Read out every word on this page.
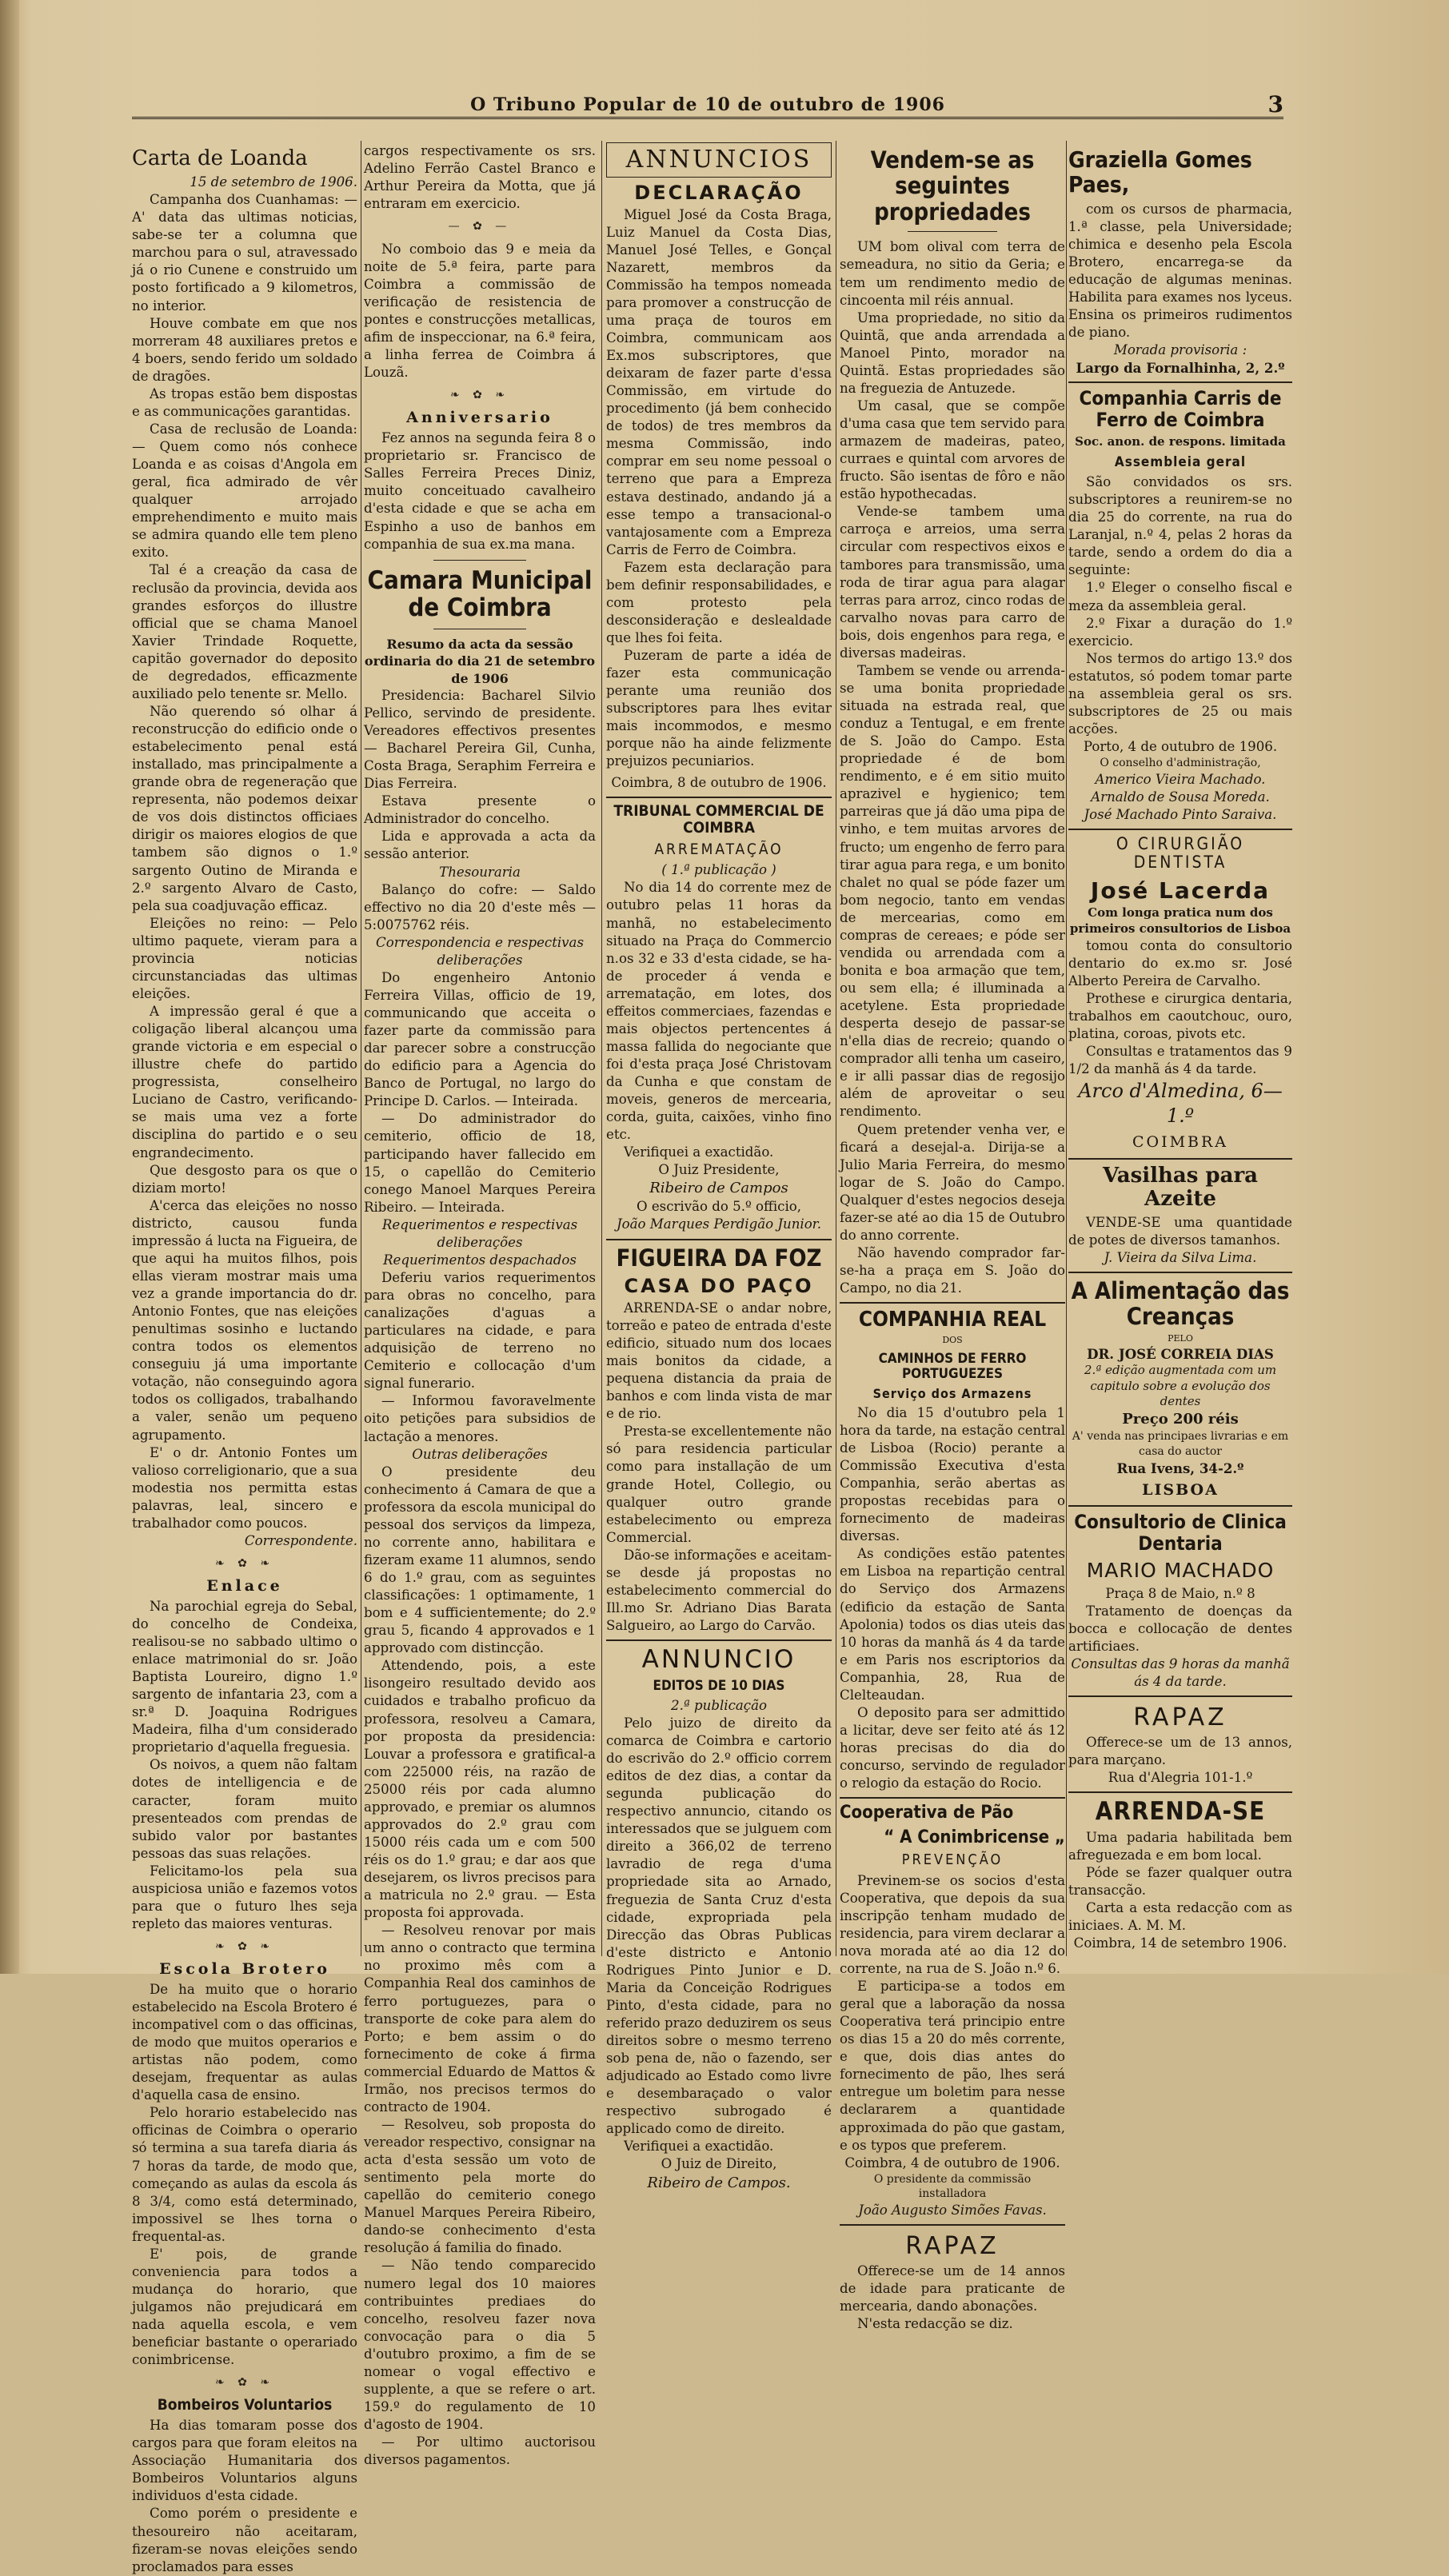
O Tribuno Popular de 10 de outubro de 1906	3
Carta de Loanda
15 de setembro de 1906.

Campanha dos Cuanhamas: — A' data das ultimas noticias, sabe-se ter a columna que marchou para o sul, atravessado já o rio Cunene e construido um posto fortificado a 9 kilometros, no interior.

Houve combate em que nos morreram 48 auxiliares pretos e 4 boers, sendo ferido um soldado de dragões.

As tropas estão bem dispostas e as communicações garantidas.

Casa de reclusão de Loanda: — Quem como nós conhece Loanda e as coisas d'Angola em geral, fica admirado de vêr qualquer arrojado emprehendimento e muito mais se admira quando elle tem pleno exito.

Tal é a creação da casa de reclusão da provincia, devida aos grandes esforços do illustre official que se chama Manoel Xavier Trindade Roquette, capitão governador do deposito de degredados, efficazmente auxiliado pelo tenente sr. Mello.

Não querendo só olhar á reconstrucção do edificio onde o estabelecimento penal está installado, mas principalmente a grande obra de regeneração que representa, não podemos deixar de vos dois distinctos officiaes dirigir os maiores elogios de que tambem são dignos o 1.º sargento Outino de Miranda e 2.º sargento Alvaro de Casto, pela sua coadjuvação efficaz.

Eleições no reino: — Pelo ultimo paquete, vieram para a provincia noticias circunstanciadas das ultimas eleições.

A impressão geral é que a coligação liberal alcançou uma grande victoria e em especial o illustre chefe do partido progressista, conselheiro Luciano de Castro, verificando-se mais uma vez a forte disciplina do partido e o seu engrandecimento.

Que desgosto para os que o diziam morto!

A'cerca das eleições no nosso districto, causou funda impressão á lucta na Figueira, de que aqui ha muitos filhos, pois ellas vieram mostrar mais uma vez a grande importancia do dr. Antonio Fontes, que nas eleições penultimas sosinho e luctando contra todos os elementos conseguiu já uma importante votação, não conseguindo agora todos os colligados, trabalhando a valer, senão um pequeno agrupamento.

E' o dr. Antonio Fontes um valioso correligionario, que a sua modestia nos permitta estas palavras, leal, sincero e trabalhador como poucos.

Correspondente.
❧ ✿ ❧
Enlace

Na parochial egreja do Sebal, do concelho de Condeixa, realisou-se no sabbado ultimo o enlace matrimonial do sr. João Baptista Loureiro, digno 1.º sargento de infantaria 23, com a sr.ª D. Joaquina Rodrigues Madeira, filha d'um considerado proprietario d'aquella freguesia.

Os noivos, a quem não faltam dotes de intelligencia e de caracter, foram muito presenteados com prendas de subido valor por bastantes pessoas das suas relações.

Felicitamo-los pela sua auspiciosa união e fazemos votos para que o futuro lhes seja repleto das maiores venturas.

❧ ✿ ❧
Escola Brotero

De ha muito que o horario estabelecido na Escola Brotero é incompativel com o das officinas, de modo que muitos operarios e artistas não podem, como desejam, frequentar as aulas d'aquella casa de ensino.

Pelo horario estabelecido nas officinas de Coimbra o operario só termina a sua tarefa diaria ás 7 horas da tarde, de modo que, começando as aulas da escola ás 8 3/4, como está determinado, impossivel se lhes torna o frequental-as.

E' pois, de grande conveniencia para todos a mudança do horario, que julgamos não prejudicará em nada aquella escola, e vem beneficiar bastante o operariado conimbricense.

❧ ✿ ❧
Bombeiros Voluntarios

Ha dias tomaram posse dos cargos para que foram eleitos na Associação Humanitaria dos Bombeiros Voluntarios alguns individuos d'esta cidade.

Como porém o presidente e thesoureiro não aceitaram, fizeram-se novas eleições sendo proclamados para esses

cargos respectivamente os srs. Adelino Ferrão Castel Branco e Arthur Pereira da Motta, que já entraram em exercicio.

— ✿ —

No comboio das 9 e meia da noite de 5.ª feira, parte para Coimbra a commissão de verificação de resistencia de pontes e construcções metallicas, afim de inspeccionar, na 6.ª feira, a linha ferrea de Coimbra á Louzã.

❧ ✿ ❧
Anniversario

Fez annos na segunda feira 8 o proprietario sr. Francisco de Salles Ferreira Preces Diniz, muito conceituado cavalheiro d'esta cidade e que se acha em Espinho a uso de banhos em companhia de sua ex.ma mana.

Camara Municipal de Coimbra
Resumo da acta da sessão ordinaria do dia 21 de setembro de 1906

Presidencia: Bacharel Silvio Pellico, servindo de presidente. Vereadores effectivos presentes — Bacharel Pereira Gil, Cunha, Costa Braga, Seraphim Ferreira e Dias Ferreira.

Estava presente o Administrador do concelho.

Lida e approvada a acta da sessão anterior.

Thesouraria

Balanço do cofre: — Saldo effectivo no dia 20 d'este mês — 5:0075762 réis.

Correspondencia e respectivas deliberações

Do engenheiro Antonio Ferreira Villas, officio de 19, communicando que acceita o fazer parte da commissão para dar parecer sobre a construcção do edificio para a Agencia do Banco de Portugal, no largo do Principe D. Carlos. — Inteirada.

— Do administrador do cemiterio, officio de 18, participando haver fallecido em 15, o capellão do Cemiterio conego Manoel Marques Pereira Ribeiro. — Inteirada.

Requerimentos e respectivas deliberações
Requerimentos despachados

Deferiu varios requerimentos para obras no concelho, para canalizações d'aguas a particulares na cidade, e para adquisição de terreno no Cemiterio e collocação d'um signal funerario.

— Informou favoravelmente oito petições para subsidios de lactação a menores.

Outras deliberações

O presidente deu conhecimento á Camara de que a professora da escola municipal do pessoal dos serviços da limpeza, no corrente anno, habilitara e fizeram exame 11 alumnos, sendo 6 do 1.º grau, com as seguintes classificações: 1 optimamente, 1 bom e 4 sufficientemente; do 2.º grau 5, ficando 4 approvados e 1 approvado com distincção.

Attendendo, pois, a este lisongeiro resultado devido aos cuidados e trabalho proficuo da professora, resolveu a Camara, por proposta da presidencia: Louvar a professora e gratifical-a com 225000 réis, na razão de 25000 réis por cada alumno approvado, e premiar os alumnos approvados do 2.º grau com 15000 réis cada um e com 500 réis os do 1.º grau; e dar aos que desejarem, os livros precisos para a matricula no 2.º grau. — Esta proposta foi approvada.

— Resolveu renovar por mais um anno o contracto que termina no proximo mês com a Companhia Real dos caminhos de ferro portuguezes, para o transporte de coke para alem do Porto; e bem assim o do fornecimento de coke á firma commercial Eduardo de Mattos & Irmão, nos precisos termos do contracto de 1904.

— Resolveu, sob proposta do vereador respectivo, consignar na acta d'esta sessão um voto de sentimento pela morte do capellão do cemiterio conego Manuel Marques Pereira Ribeiro, dando-se conhecimento d'esta resolução á familia do finado.

— Não tendo comparecido numero legal dos 10 maiores contribuintes prediaes do concelho, resolveu fazer nova convocação para o dia 5 d'outubro proximo, a fim de se nomear o vogal effectivo e supplente, a que se refere o art. 159.º do regulamento de 10 d'agosto de 1904.

— Por ultimo auctorisou diversos pagamentos.

ANNUNCIOS
DECLARAÇÃO

Miguel José da Costa Braga, Luiz Manuel da Costa Dias, Manuel José Telles, e Gonçal Nazarett, membros da Commissão ha tempos nomeada para promover a construcção de uma praça de touros em Coimbra, communicam aos Ex.mos subscriptores, que deixaram de fazer parte d'essa Commissão, em virtude do procedimento (já bem conhecido de todos) de tres membros da mesma Commissão, indo comprar em seu nome pessoal o terreno que para a Empreza estava destinado, andando já a esse tempo a transacional-o vantajosamente com a Empreza Carris de Ferro de Coimbra.

Fazem esta declaração para bem definir responsabilidades, e com protesto pela desconsideração e deslealdade que lhes foi feita.

Puzeram de parte a idéa de fazer esta communicação perante uma reunião dos subscriptores para lhes evitar mais incommodos, e mesmo porque não ha ainde felizmente prejuizos pecuniarios.

Coimbra, 8 de outubro de 1906.
TRIBUNAL COMMERCIAL DE COIMBRA
ARREMATAÇÃO
( 1.ª publicação )

No dia 14 do corrente mez de outubro pelas 11 horas da manhã, no estabelecimento situado na Praça do Commercio n.os 32 e 33 d'esta cidade, se ha-de proceder á venda e arrematação, em lotes, dos effeitos commerciaes, fazendas e mais objectos pertencentes á massa fallida do negociante que foi d'esta praça José Christovam da Cunha e que constam de moveis, generos de mercearia, corda, guita, caixões, vinho fino etc.

Verifiquei a exactidão.

O Juiz Presidente,
Ribeiro de Campos
O escrivão do 5.º officio,
João Marques Perdigão Junior.
FIGUEIRA DA FOZ
CASA DO PAÇO

ARRENDA-SE o andar nobre, torreão e pateo de entrada d'este edificio, situado num dos locaes mais bonitos da cidade, a pequena distancia da praia de banhos e com linda vista de mar e de rio.

Presta-se excellentemente não só para residencia particular como para installação de um grande Hotel, Collegio, ou qualquer outro grande estabelecimento ou empreza Commercial.

Dão-se informações e aceitam-se desde já propostas no estabelecimento commercial do Ill.mo Sr. Adriano Dias Barata Salgueiro, ao Largo do Carvão.

ANNUNCIO
EDITOS DE 10 DIAS
2.ª publicação

Pelo juizo de direito da comarca de Coimbra e cartorio do escrivão do 2.º officio correm editos de dez dias, a contar da segunda publicação do respectivo annuncio, citando os interessados que se julguem com direito a 366,02 de terreno lavradio de rega d'uma propriedade sita ao Arnado, freguezia de Santa Cruz d'esta cidade, expropriada pela Direcção das Obras Publicas d'este districto e Antonio Rodrigues Pinto Junior e D. Maria da Conceição Rodrigues Pinto, d'esta cidade, para no referido prazo deduzirem os seus direitos sobre o mesmo terreno sob pena de, não o fazendo, ser adjudicado ao Estado como livre e desembaraçado o valor respectivo subrogado é applicado como de direito.

Verifiquei a exactidão.

O Juiz de Direito,
Ribeiro de Campos.
Vendem-se as seguintes propriedades

UM bom olival com terra de semeadura, no sitio da Geria; e tem um rendimento medio de cincoenta mil réis annual.

Uma propriedade, no sitio da Quintã, que anda arrendada a Manoel Pinto, morador na Quintã. Estas propriedades são na freguezia de Antuzede.

Um casal, que se compõe d'uma casa que tem servido para armazem de madeiras, pateo, curraes e quintal com arvores de fructo. São isentas de fôro e não estão hypothecadas.

Vende-se tambem uma carroça e arreios, uma serra circular com respectivos eixos e tambores para transmissão, uma roda de tirar agua para alagar terras para arroz, cinco rodas de carvalho novas para carro de bois, dois engenhos para rega, e diversas madeiras.

Tambem se vende ou arrenda-se uma bonita propriedade situada na estrada real, que conduz a Tentugal, e em frente de S. João do Campo. Esta propriedade é de bom rendimento, e é em sitio muito aprazivel e hygienico; tem parreiras que já dão uma pipa de vinho, e tem muitas arvores de fructo; um engenho de ferro para tirar agua para rega, e um bonito chalet no qual se póde fazer um bom negocio, tanto em vendas de mercearias, como em compras de cereaes; e póde ser vendida ou arrendada com a bonita e boa armação que tem, ou sem ella; é illuminada a acetylene. Esta propriedade desperta desejo de passar-se n'ella dias de recreio; quando o comprador alli tenha um caseiro, e ir alli passar dias de regosijo além de aproveitar o seu rendimento.

Quem pretender venha ver, e ficará a desejal-a. Dirija-se a Julio Maria Ferreira, do mesmo logar de S. João do Campo. Qualquer d'estes negocios deseja fazer-se até ao dia 15 de Outubro do anno corrente.

Não havendo comprador far-se-ha a praça em S. João do Campo, no dia 21.

COMPANHIA REAL
DOS
CAMINHOS DE FERRO PORTUGUEZES
Serviço dos Armazens

No dia 15 d'outubro pela 1 hora da tarde, na estação central de Lisboa (Rocio) perante a Commissão Executiva d'esta Companhia, serão abertas as propostas recebidas para o fornecimento de madeiras diversas.

As condições estão patentes em Lisboa na repartição central do Serviço dos Armazens (edificio da estação de Santa Apolonia) todos os dias uteis das 10 horas da manhã ás 4 da tarde e em Paris nos escriptorios da Companhia, 28, Rua de Clelteaudan.

O deposito para ser admittido a licitar, deve ser feito até ás 12 horas precisas do dia do concurso, servindo de regulador o relogio da estação do Rocio.

Cooperativa de Pão
“ A Conimbricense „
PREVENÇÃO

Previnem-se os socios d'esta Cooperativa, que depois da sua inscripção tenham mudado de residencia, para virem declarar a nova morada até ao dia 12 do corrente, na rua de S. João n.º 6.

E participa-se a todos em geral que a laboração da nossa Cooperativa terá principio entre os dias 15 a 20 do mês corrente, e que, dois dias antes do fornecimento de pão, lhes será entregue um boletim para nesse declararem a quantidade approximada do pão que gastam, e os typos que preferem.

Coimbra, 4 de outubro de 1906.
O presidente da commissão installadora
João Augusto Simões Favas.
RAPAZ

Offerece-se um de 14 annos de idade para praticante de mercearia, dando abonações.

N'esta redacção se diz.

Graziella Gomes Paes,

com os cursos de pharmacia, 1.ª classe, pela Universidade; chimica e desenho pela Escola Brotero, encarrega-se da educação de algumas meninas. Habilita para exames nos lyceus. Ensina os primeiros rudimentos de piano.

Morada provisoria :
Largo da Fornalhinha, 2, 2.º
Companhia Carris de Ferro de Coimbra
Soc. anon. de respons. limitada
Assembleia geral

São convidados os srs. subscriptores a reunirem-se no dia 25 do corrente, na rua do Laranjal, n.º 4, pelas 2 horas da tarde, sendo a ordem do dia a seguinte:

1.º Eleger o conselho fiscal e meza da assembleia geral.

2.º Fixar a duração do 1.º exercicio.

Nos termos do artigo 13.º dos estatutos, só podem tomar parte na assembleia geral os srs. subscriptores de 25 ou mais acções.

Porto, 4 de outubro de 1906.
O conselho d'administração,
Americo Vieira Machado.
Arnaldo de Sousa Moreda.
José Machado Pinto Saraiva.
O CIRURGIÃO DENTISTA
José Lacerda
Com longa pratica num dos primeiros consultorios de Lisboa

tomou conta do consultorio dentario do ex.mo sr. José Alberto Pereira de Carvalho.

Prothese e cirurgica dentaria, trabalhos em caoutchouc, ouro, platina, coroas, pivots etc.

Consultas e tratamentos das 9 1/2 da manhã ás 4 da tarde.

Arco d'Almedina, 6—1.º
COIMBRA
Vasilhas para Azeite

VENDE-SE uma quantidade de potes de diversos tamanhos.

J. Vieira da Silva Lima.
A Alimentação das Creanças
PELO
DR. JOSÉ CORREIA DIAS
2.ª edição augmentada com um capitulo sobre a evolução dos dentes
Preço 200 réis
A' venda nas principaes livrarias e em casa do auctor
Rua Ivens, 34-2.º
LISBOA
Consultorio de Clinica Dentaria
MARIO MACHADO
Praça 8 de Maio, n.º 8

Tratamento de doenças da bocca e collocação de dentes artificiaes.

Consultas das 9 horas da manhã ás 4 da tarde.
RAPAZ

Offerece-se um de 13 annos, para marçano.

Rua d'Alegria 101-1.º
ARRENDA-SE

Uma padaria habilitada bem afreguezada e em bom local.

Póde se fazer qualquer outra transacção.

Carta a esta redacção com as iniciaes. A. M. M.

Coimbra, 14 de setembro 1906.
